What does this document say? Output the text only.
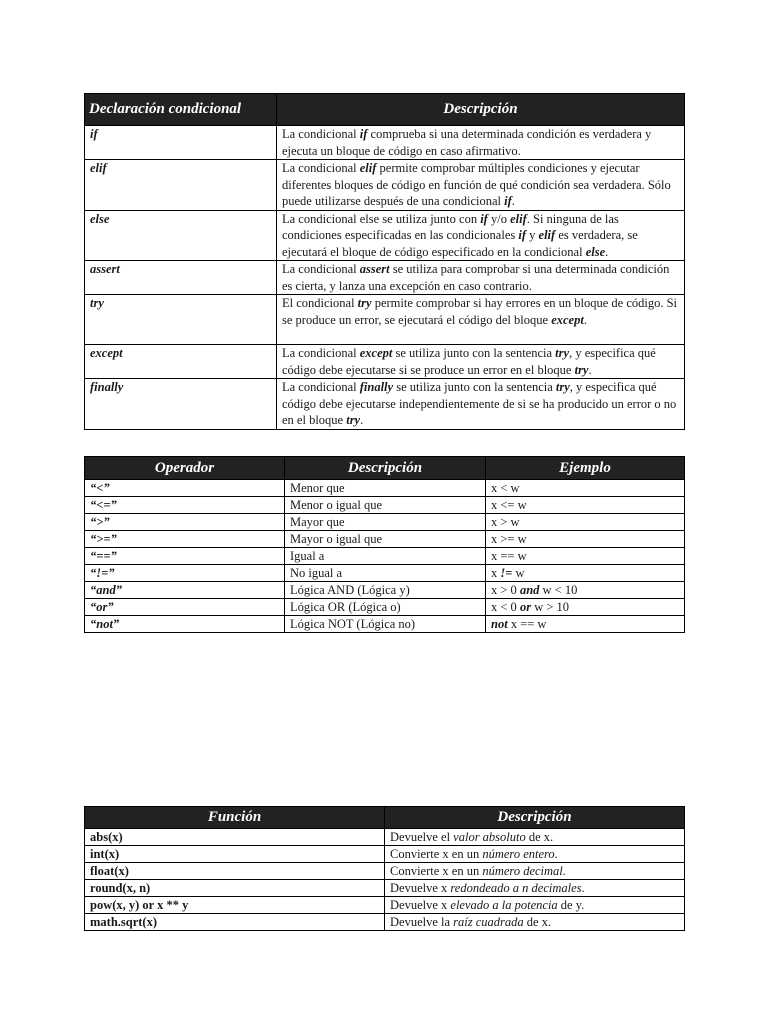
Declaración condicional	Descripción
if	La condicional if comprueba si una determinada condición es verdadera y ejecuta un bloque de código en caso afirmativo.
elif	La condicional elif permite comprobar múltiples condiciones y ejecutar diferentes bloques de código en función de qué condición sea verdadera. Sólo puede utilizarse después de una condicional if.
else	La condicional else se utiliza junto con if y/o elif. Si ninguna de las condiciones especificadas en las condicionales if y elif es verdadera, se ejecutará el bloque de código especificado en la condicional else.
assert	La condicional assert se utiliza para comprobar si una determinada condición es cierta, y lanza una excepción en caso contrario.
try	El condicional try permite comprobar si hay errores en un bloque de código. Si se produce un error, se ejecutará el código del bloque except.
except	La condicional except se utiliza junto con la sentencia try, y especifica qué código debe ejecutarse si se produce un error en el bloque try.
finally	La condicional finally se utiliza junto con la sentencia try, y especifica qué código debe ejecutarse independientemente de si se ha producido un error o no en el bloque try.
Operador	Descripción	Ejemplo
“<”	Menor que	x < w
“<=”	Menor o igual que	x <= w
“>”	Mayor que	x > w
“>=”	Mayor o igual que	x >= w
“==”	Igual a	x == w
“!=”	No igual a	x != w
“and”	Lógica AND (Lógica y)	x > 0 and w < 10
“or”	Lógica OR (Lógica o)	x < 0 or w > 10
“not”	Lógica NOT (Lógica no)	not x == w
Función	Descripción
abs(x)	Devuelve el valor absoluto de x.
int(x)	Convierte x en un número entero.
float(x)	Convierte x en un número decimal.
round(x, n)	Devuelve x redondeado a n decimales.
pow(x, y) or x ** y	Devuelve x elevado a la potencia de y.
math.sqrt(x)	Devuelve la raíz cuadrada de x.
